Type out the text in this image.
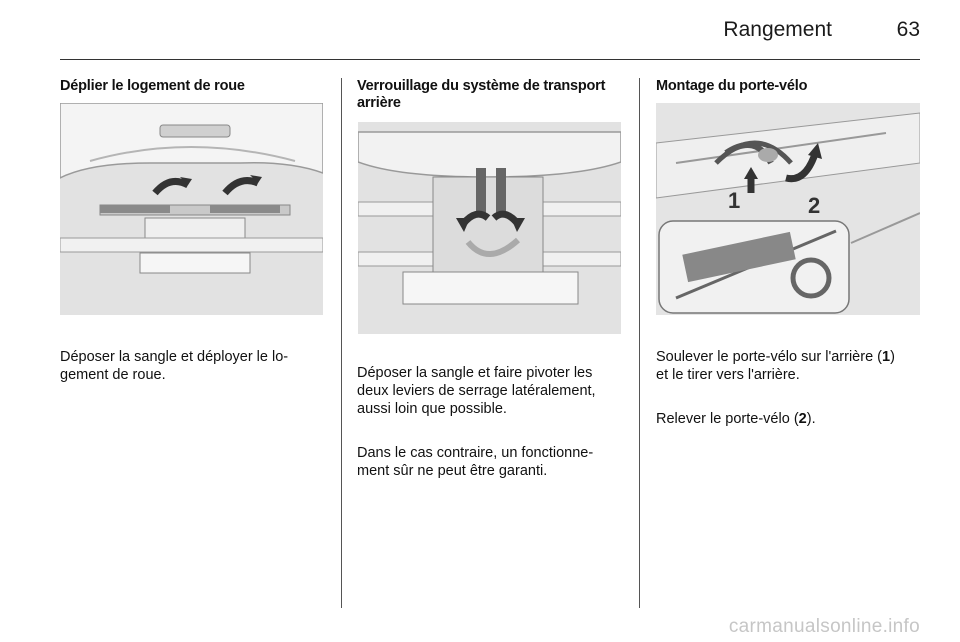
Rangement	63
Déplier le logement de roue

Déposer la sangle et déployer le lo-
gement de roue.

Verrouillage du système de transport
arrière

Déposer la sangle et faire pivoter les
deux leviers de serrage latéralement,
aussi loin que possible.

Dans le cas contraire, un fonctionne-
ment sûr ne peut être garanti.

Montage du porte-vélo
1	2

Soulever le porte-vélo sur l'arrière (1)
et le tirer vers l'arrière.

Relever le porte-vélo (2).

carmanualsonline.info
